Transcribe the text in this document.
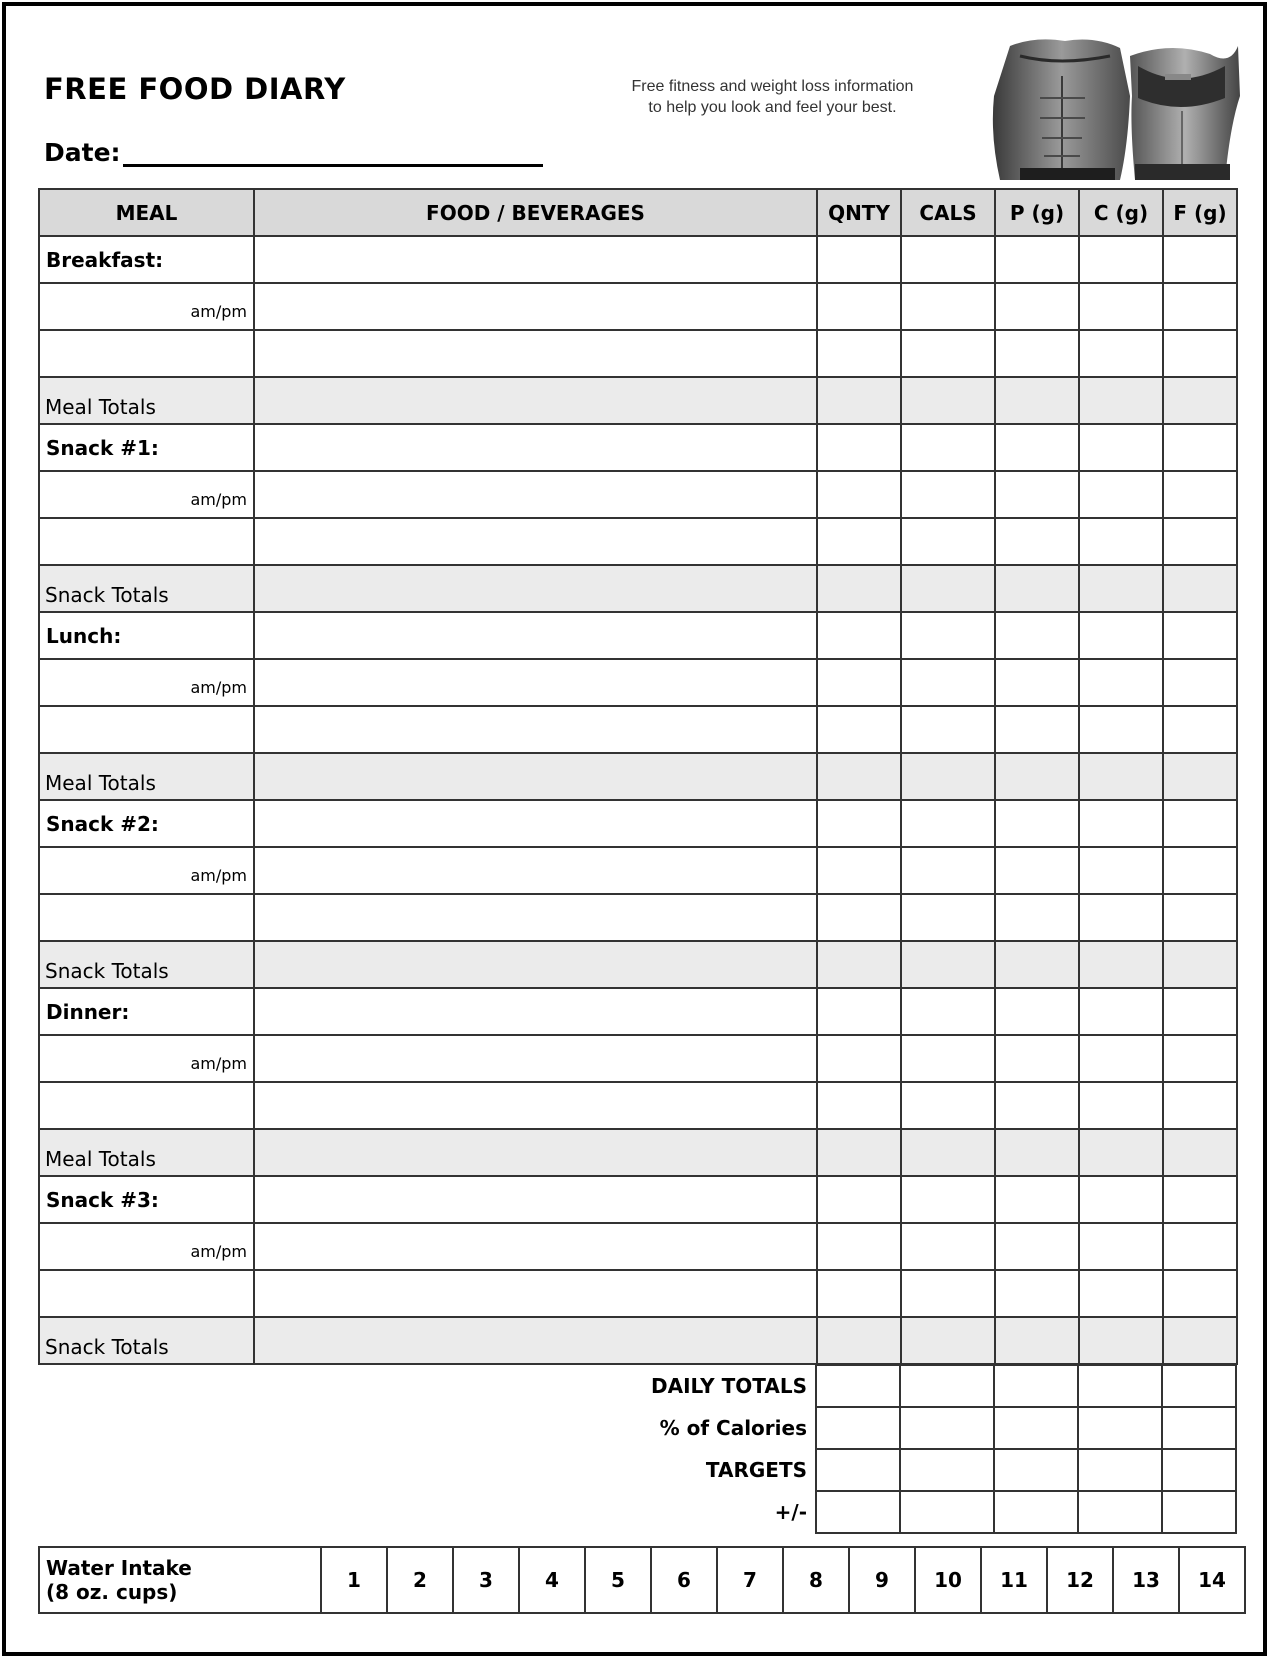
FREE FOOD DIARY
Date:
Free fitness and weight loss information
to help you look and feel your best.
MEAL	FOOD / BEVERAGES	QNTY	CALS	P (g)	C (g)	F (g)
Breakfast:						
am/pm						

Meal Totals						
Snack #1:						
am/pm						

Snack Totals						
Lunch:						
am/pm						

Meal Totals						
Snack #2:						
am/pm						

Snack Totals						
Dinner:						
am/pm						

Meal Totals						
Snack #3:						
am/pm						

Snack Totals						
DAILY TOTALS					
% of Calories					
TARGETS					
+/-					
Water Intake
(8 oz. cups)	1	2	3	4	5	6	7	8	9	10	11	12	13	14
